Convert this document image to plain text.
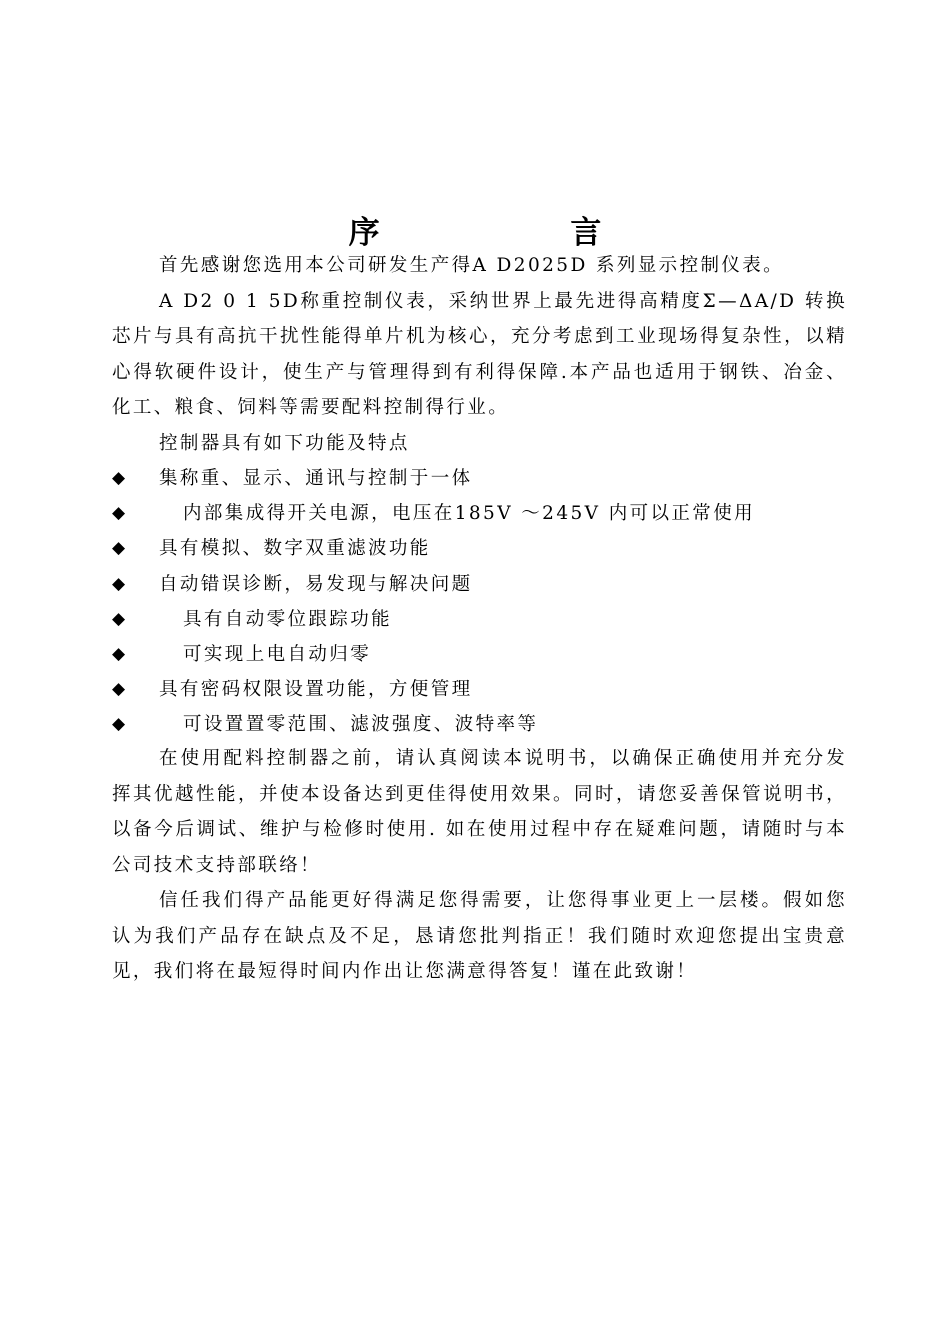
序 言

首先感谢您选用本公司研发生产得A D2025D 系列显示控制仪表。

A D2 0 1 5D称重控制仪表，采纳世界上最先进得高精度Σ—ΔA/D 转换芯片与具有高抗干扰性能得单片机为核心，充分考虑到工业现场得复杂性，以精心得软硬件设计，使生产与管理得到有利得保障.本产品也适用于钢铁、冶金、化工、粮食、饲料等需要配料控制得行业。

控制器具有如下功能及特点

◆	集称重、显示、通讯与控制于一体
◆	内部集成得开关电源，电压在185V ～245V 内可以正常使用
◆	具有模拟、数字双重滤波功能
◆	自动错误诊断，易发现与解决问题
◆	具有自动零位跟踪功能
◆	可实现上电自动归零
◆	具有密码权限设置功能，方便管理
◆	可设置置零范围、滤波强度、波特率等

在使用配料控制器之前，请认真阅读本说明书，以确保正确使用并充分发挥其优越性能，并使本设备达到更佳得使用效果。同时，请您妥善保管说明书，以备今后调试、维护与检修时使用. 如在使用过程中存在疑难问题，请随时与本公司技术支持部联络！

信任我们得产品能更好得满足您得需要，让您得事业更上一层楼。假如您认为我们产品存在缺点及不足，恳请您批判指正！我们随时欢迎您提出宝贵意见，我们将在最短得时间内作出让您满意得答复！谨在此致谢！
